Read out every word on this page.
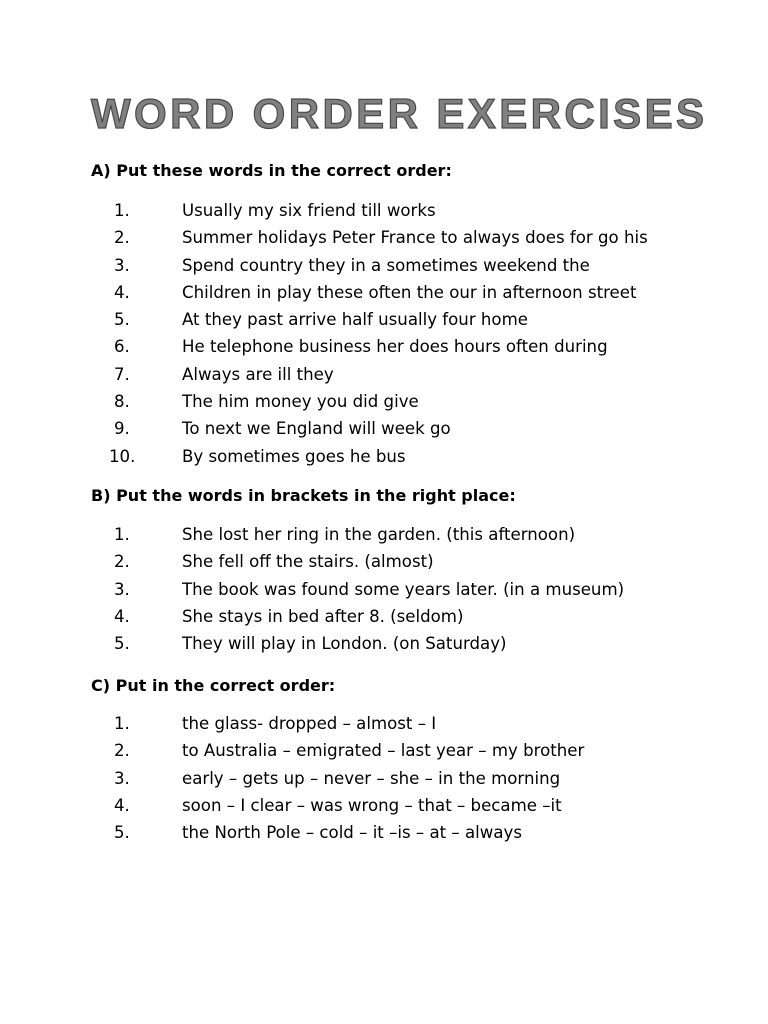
WORD ORDER EXERCISES
A) Put these words in the correct order:
1.	Usually my six friend till works
2.	Summer holidays Peter France to always does for go his
3.	Spend country they in a sometimes weekend the
4.	Children in play these often the our in afternoon street
5.	At they past arrive half usually four home
6.	He telephone business her does hours often during
7.	Always are ill they
8.	The him money you did give
9.	To next we England will week go
10.	By sometimes goes he bus
B) Put the words in brackets in the right place:
1.	She lost her ring in the garden. (this afternoon)
2.	She fell off the stairs. (almost)
3.	The book was found some years later. (in a museum)
4.	She stays in bed after 8. (seldom)
5.	They will play in London. (on Saturday)
C) Put in the correct order:
1.	the glass- dropped – almost – I
2.	to Australia – emigrated – last year – my brother
3.	early – gets up – never – she – in the morning
4.	soon – I clear – was wrong – that – became –it
5.	the North Pole – cold – it –is – at – always
